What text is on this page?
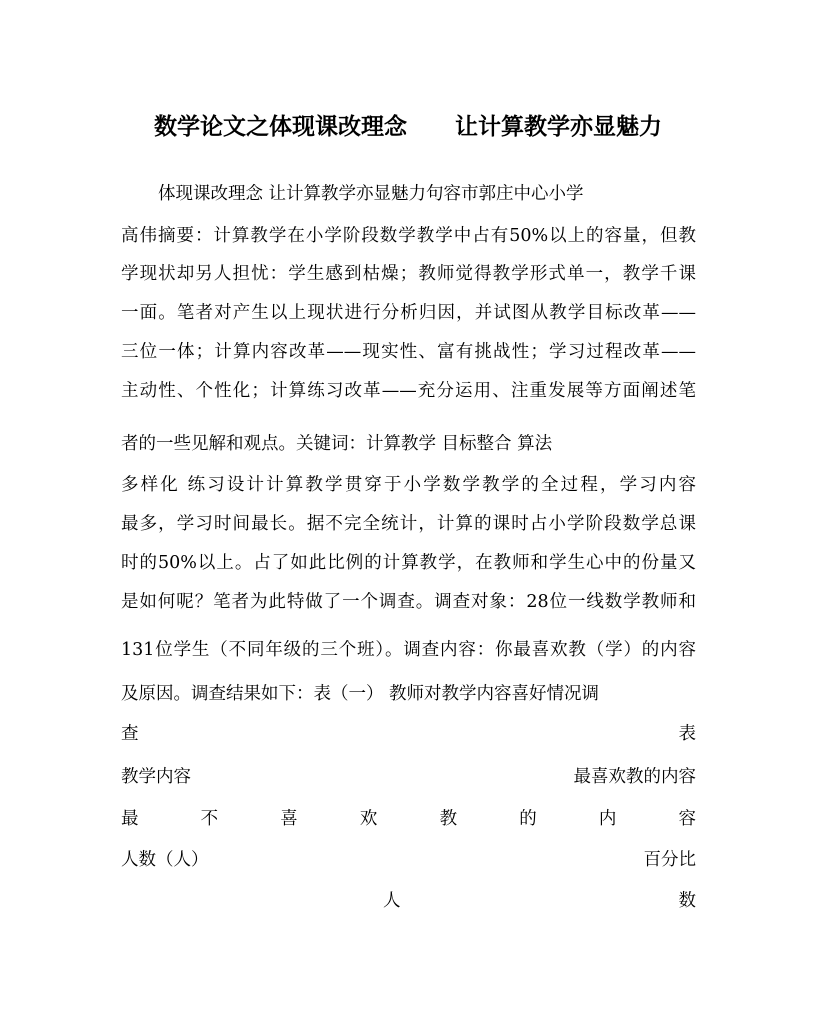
数学论文之体现课改理念      让计算教学亦显魅力

体现课改理念 让计算教学亦显魅力句容市郭庄中心小学

高伟摘要：计算教学在小学阶段数学教学中占有50%以上的容量，但教

学现状却另人担忧：学生感到枯燥；教师觉得教学形式单一，教学千课

一面。笔者对产生以上现状进行分析归因，并试图从教学目标改革——

三位一体；计算内容改革——现实性、富有挑战性；学习过程改革——

主动性、个性化；计算练习改革——充分运用、注重发展等方面阐述笔

者的一些见解和观点。关键词：计算教学 目标整合 算法

多样化 练习设计计算教学贯穿于小学数学教学的全过程，学习内容

最多，学习时间最长。据不完全统计，计算的课时占小学阶段数学总课

时的50%以上。占了如此比例的计算教学，在教师和学生心中的份量又

是如何呢？笔者为此特做了一个调查。调查对象：28位一线数学教师和

131位学生（不同年级的三个班）。调查内容：你最喜欢教（学）的内容

及原因。调查结果如下：表（一） 教师对教学内容喜好情况调

查	表
教学内容	最喜欢教的内容
最	不	喜	欢	教	的	内	容
人数（人）	百分比
人	数
